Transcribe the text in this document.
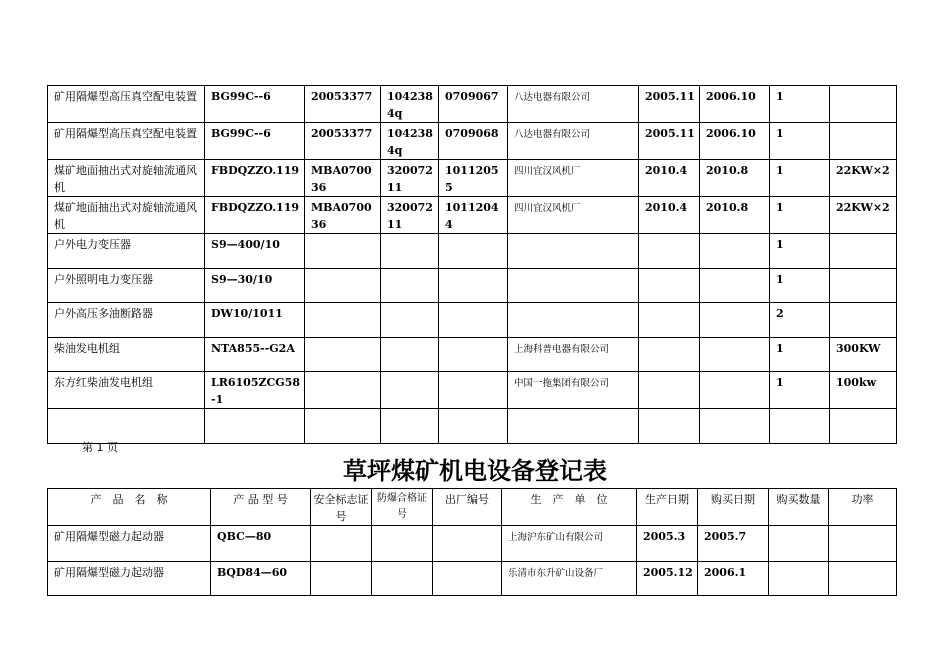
矿用隔爆型高压真空配电装置	BG99C--6	20053377	1042384q	0709067	八达电器有限公司	2005.11	2006.10	1	
矿用隔爆型高压真空配电装置	BG99C--6	20053377	1042384q	0709068	八达电器有限公司	2005.11	2006.10	1	
煤矿地面抽出式对旋轴流通风机	FBDQZZO.119	MBA070036	32007211	10112055	四川宜汉风机厂	2010.4	2010.8	1	22KW×2
煤矿地面抽出式对旋轴流通风机	FBDQZZO.119	MBA070036	32007211	10112044	四川宜汉风机厂	2010.4	2010.8	1	22KW×2
户外电力变压器	S9—400/10							1	
户外照明电力变压器	S9—30/10							1	
户外高压多油断路器	DW10/1011							2	
柴油发电机组	NTA855--G2A				上海科普电器有限公司			1	300KW
东方红柴油发电机组	LR6105ZCG58-1				中国一拖集团有限公司			1	100kw

第 1 页
草坪煤矿机电设备登记表
产　品　名　称	产 品 型 号	安全标志证号	防爆合格证号	出厂编号	生　产　单　位	生产日期	购买日期	购买数量	功率
矿用隔爆型磁力起动器	QBC—80				上海沪东矿山有限公司	2005.3	2005.7		
矿用隔爆型磁力起动器	BQD84—60				乐清市东升矿山设备厂	2005.12	2006.1		
